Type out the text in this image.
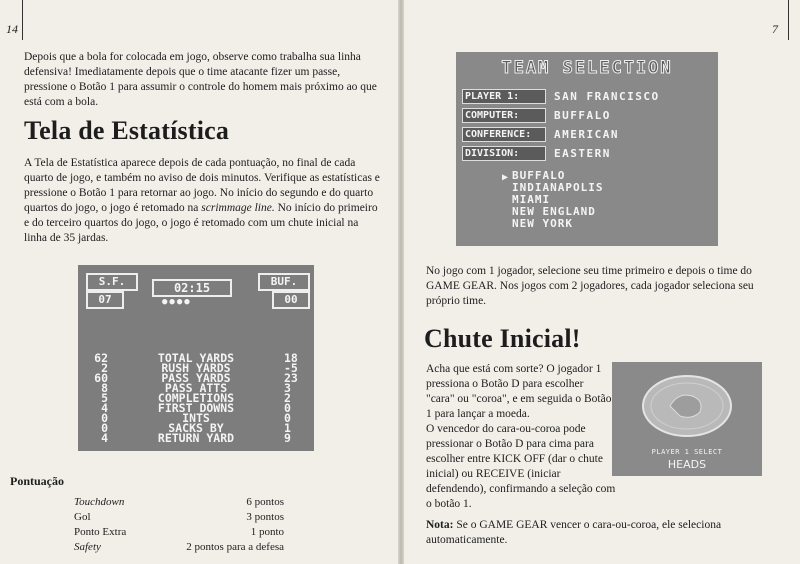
14

Depois que a bola for colocada em jogo, observe como trabalha sua linha defensiva! Imediatamente depois que o time atacante fizer um passe, pressione o Botão 1 para assumir o controle do homem mais próximo ao que está com a bola.

Tela de Estatística

A Tela de Estatística aparece depois de cada pontuação, no final de cada quarto de jogo, e também no aviso de dois minutos. Verifique as estatísticas e pressione o Botão 1 para retornar ao jogo. No início do segundo e do quarto quartos do jogo, o jogo é retomado na scrimmage line. No início do primeiro e do terceiro quartos do jogo, o jogo é retomado com um chute inicial na linha de 35 jardas.

S.F.	BUF.
02:15
●●●●
07	00
62	TOTAL YARDS	18
2	RUSH YARDS	-5
60	PASS YARDS	23
8	PASS ATTS	3
5	COMPLETIONS	2
4	FIRST DOWNS	0
0	INTS	0
0	SACKS BY	1
4	RETURN YARD	9
Pontuação
Touchdown	6 pontos
Gol	3 pontos
Ponto Extra	1 ponto
Safety	2 pontos para a defesa
7
TEAM SELECTION
PLAYER 1:	SAN FRANCISCO
COMPUTER:	BUFFALO
CONFERENCE:	AMERICAN
DIVISION:	EASTERN
▶ BUFFALO
INDIANAPOLIS
MIAMI
NEW ENGLAND
NEW YORK

No jogo com 1 jogador, selecione seu time primeiro e depois o time do GAME GEAR. Nos jogos com 2 jogadores, cada jogador seleciona seu próprio time.

Chute Inicial!

Acha que está com sorte? O jogador 1 pressiona o Botão D para escolher "cara" ou "coroa", e em seguida o Botão 1 para lançar a moeda.

O vencedor do cara-ou-coroa pode pressionar o Botão D para cima para escolher entre KICK OFF (dar o chute inicial) ou RECEIVE (iniciar defendendo), confirmando a seleção com o botão 1.

PLAYER 1 SELECT
HEADS

Nota: Se o GAME GEAR vencer o cara-ou-coroa, ele seleciona automaticamente.
